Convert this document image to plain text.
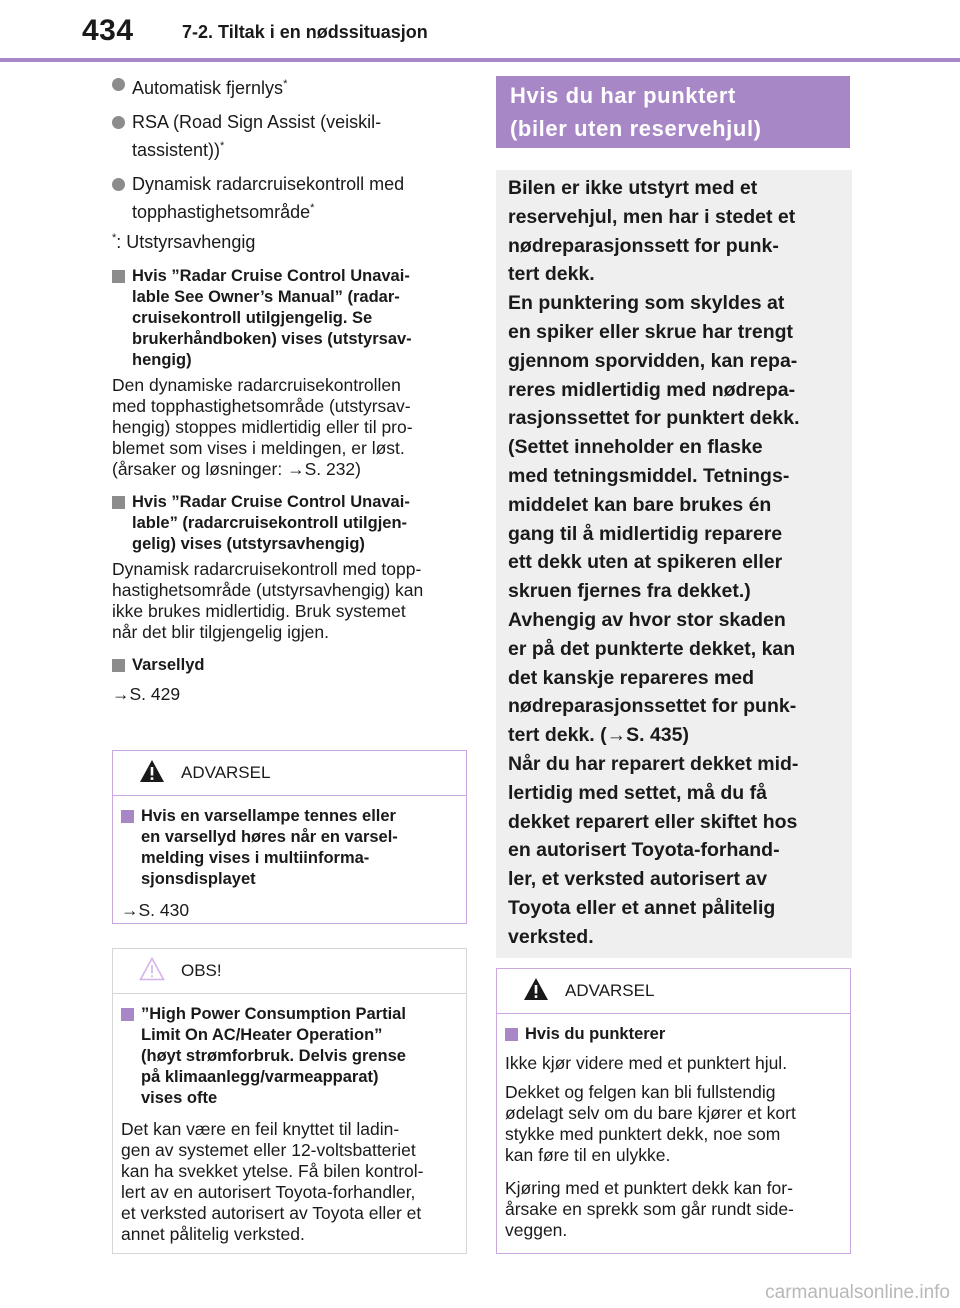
434	7-2. Tiltak i en nødssituasjon
Automatisk fjernlys*
RSA (Road Sign Assist (veiskil-
tassistent))*
Dynamisk radarcruisekontroll med
topphastighetsområde*
*: Utstyrsavhengig
Hvis ”Radar Cruise Control Unavai-
lable See Owner’s Manual” (radar-
cruisekontroll utilgjengelig. Se
brukerhåndboken) vises (utstyrsav-
hengig)
Den dynamiske radarcruisekontrollen
med topphastighetsområde (utstyrsav-
hengig) stoppes midlertidig eller til pro-
blemet som vises i meldingen, er løst.
(årsaker og løsninger: →S. 232)
Hvis ”Radar Cruise Control Unavai-
lable” (radarcruisekontroll utilgjen-
gelig) vises (utstyrsavhengig)
Dynamisk radarcruisekontroll med topp-
hastighetsområde (utstyrsavhengig) kan
ikke brukes midlertidig. Bruk systemet
når det blir tilgjengelig igjen.
Varsellyd
→S. 429
ADVARSEL
Hvis en varsellampe tennes eller
en varsellyd høres når en varsel-
melding vises i multiinforma-
sjonsdisplayet
→S. 430
OBS!
”High Power Consumption Partial
Limit On AC/Heater Operation”
(høyt strømforbruk. Delvis grense
på klimaanlegg/varmeapparat)
vises ofte
Det kan være en feil knyttet til ladin-
gen av systemet eller 12-voltsbatteriet
kan ha svekket ytelse. Få bilen kontrol-
lert av en autorisert Toyota-forhandler,
et verksted autorisert av Toyota eller et
annet pålitelig verksted.
Hvis du har punktert
(biler uten reservehjul)
Bilen er ikke utstyrt med et
reservehjul, men har i stedet et
nødreparasjonssett for punk-
tert dekk.
En punktering som skyldes at
en spiker eller skrue har trengt
gjennom sporvidden, kan repa-
reres midlertidig med nødrepa-
rasjonssettet for punktert dekk.
(Settet inneholder en flaske
med tetningsmiddel. Tetnings-
middelet kan bare brukes én
gang til å midlertidig reparere
ett dekk uten at spikeren eller
skruen fjernes fra dekket.)
Avhengig av hvor stor skaden
er på det punkterte dekket, kan
det kanskje repareres med
nødreparasjonssettet for punk-
tert dekk. (→S. 435)
Når du har reparert dekket mid-
lertidig med settet, må du få
dekket reparert eller skiftet hos
en autorisert Toyota-forhand-
ler, et verksted autorisert av
Toyota eller et annet pålitelig
verksted.
ADVARSEL
Hvis du punkterer
Ikke kjør videre med et punktert hjul.
Dekket og felgen kan bli fullstendig
ødelagt selv om du bare kjører et kort
stykke med punktert dekk, noe som
kan føre til en ulykke.
Kjøring med et punktert dekk kan for-
årsake en sprekk som går rundt side-
veggen.
carmanualsonline.info
